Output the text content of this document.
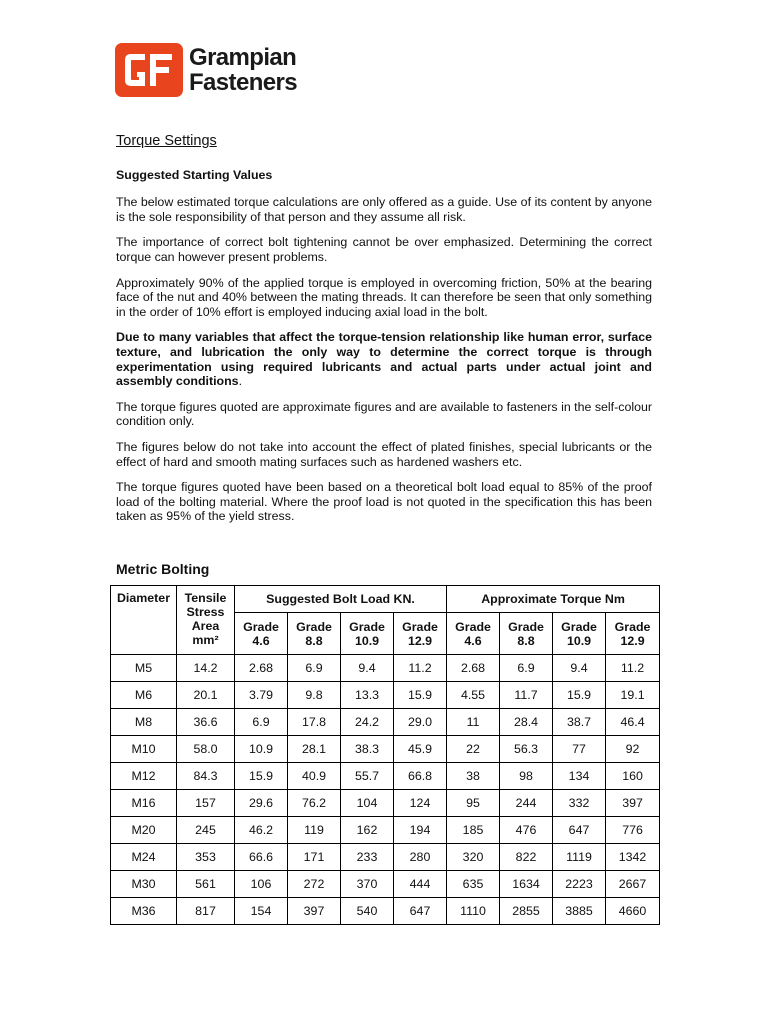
Grampian
Fasteners
Torque Settings

Suggested Starting Values

The below estimated torque calculations are only offered as a guide. Use of its content by anyone is the sole responsibility of that person and they assume all risk.

The importance of correct bolt tightening cannot be over emphasized. Determining the correct torque can however present problems.

Approximately 90% of the applied torque is employed in overcoming friction, 50% at the bearing face of the nut and 40% between the mating threads. It can therefore be seen that only something in the order of 10% effort is employed inducing axial load in the bolt.

Due to many variables that affect the torque-tension relationship like human error, surface texture, and lubrication the only way to determine the correct torque is through experimentation using required lubricants and actual parts under actual joint and assembly conditions.

The torque figures quoted are approximate figures and are available to fasteners in the self-colour condition only.

The figures below do not take into account the effect of plated finishes, special lubricants or the effect of hard and smooth mating surfaces such as hardened washers etc.

The torque figures quoted have been based on a theoretical bolt load equal to 85% of the proof load of the bolting material. Where the proof load is not quoted in the specification this has been taken as 95% of the yield stress.

Metric Bolting
Diameter	Tensile Stress Area mm²	Suggested Bolt Load KN.				Approximate Torque Nm			
		Grade 4.6	Grade 8.8	Grade 10.9	Grade 12.9	Grade 4.6	Grade 8.8	Grade 10.9	Grade 12.9
M5	14.2	2.68	6.9	9.4	11.2	2.68	6.9	9.4	11.2
M6	20.1	3.79	9.8	13.3	15.9	4.55	11.7	15.9	19.1
M8	36.6	6.9	17.8	24.2	29.0	11	28.4	38.7	46.4
M10	58.0	10.9	28.1	38.3	45.9	22	56.3	77	92
M12	84.3	15.9	40.9	55.7	66.8	38	98	134	160
M16	157	29.6	76.2	104	124	95	244	332	397
M20	245	46.2	119	162	194	185	476	647	776
M24	353	66.6	171	233	280	320	822	1119	1342
M30	561	106	272	370	444	635	1634	2223	2667
M36	817	154	397	540	647	1110	2855	3885	4660
